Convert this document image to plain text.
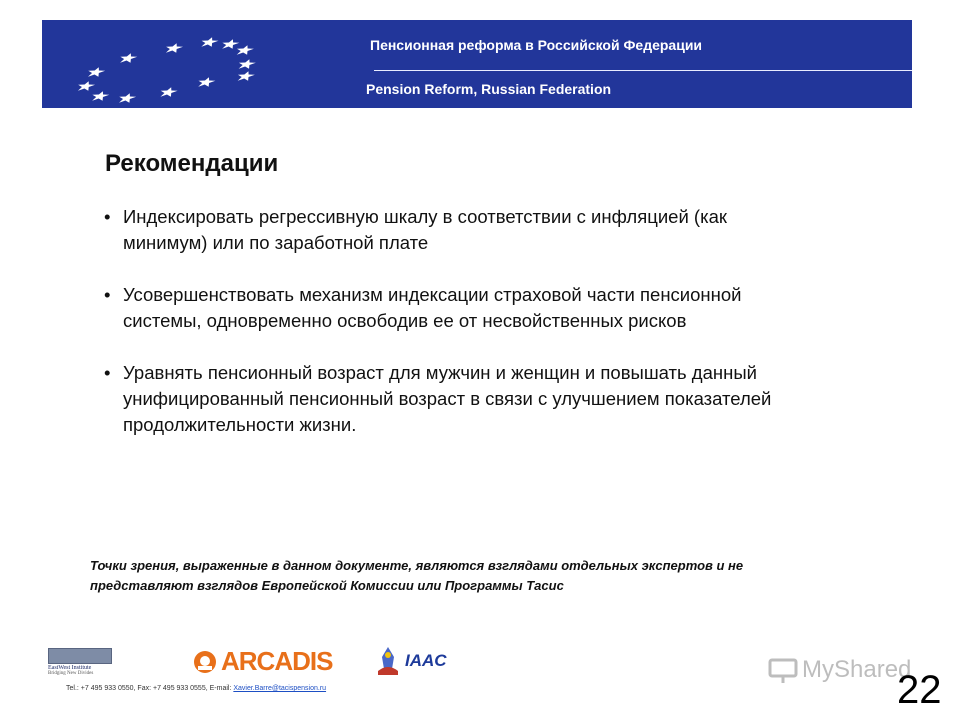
Пенсионная реформа в Российской Федерации
Pension Reform, Russian Federation
Рекомендации
• Индексировать регрессивную шкалу в соответствии с инфляцией (как
минимум) или по заработной плате
• Усовершенствовать механизм индексации страховой части пенсионной
системы, одновременно освободив ее от несвойственных рисков
• Уравнять пенсионный возраст для мужчин и женщин и повышать данный
унифицированный пенсионный возраст в связи с улучшением показателей
продолжительности жизни.
Точки зрения, выраженные в данном документе, являются взглядами отдельных экспертов и не
представляют взглядов Европейской Комиссии или Программы Тасис
EastWest Institute
Bridging New Divides	ARCADIS	IAAC
Tel.: +7 495 933 0550, Fax: +7 495 933 0555, E-mail: Xavier.Barre@tacispension.ru
MyShared
22
